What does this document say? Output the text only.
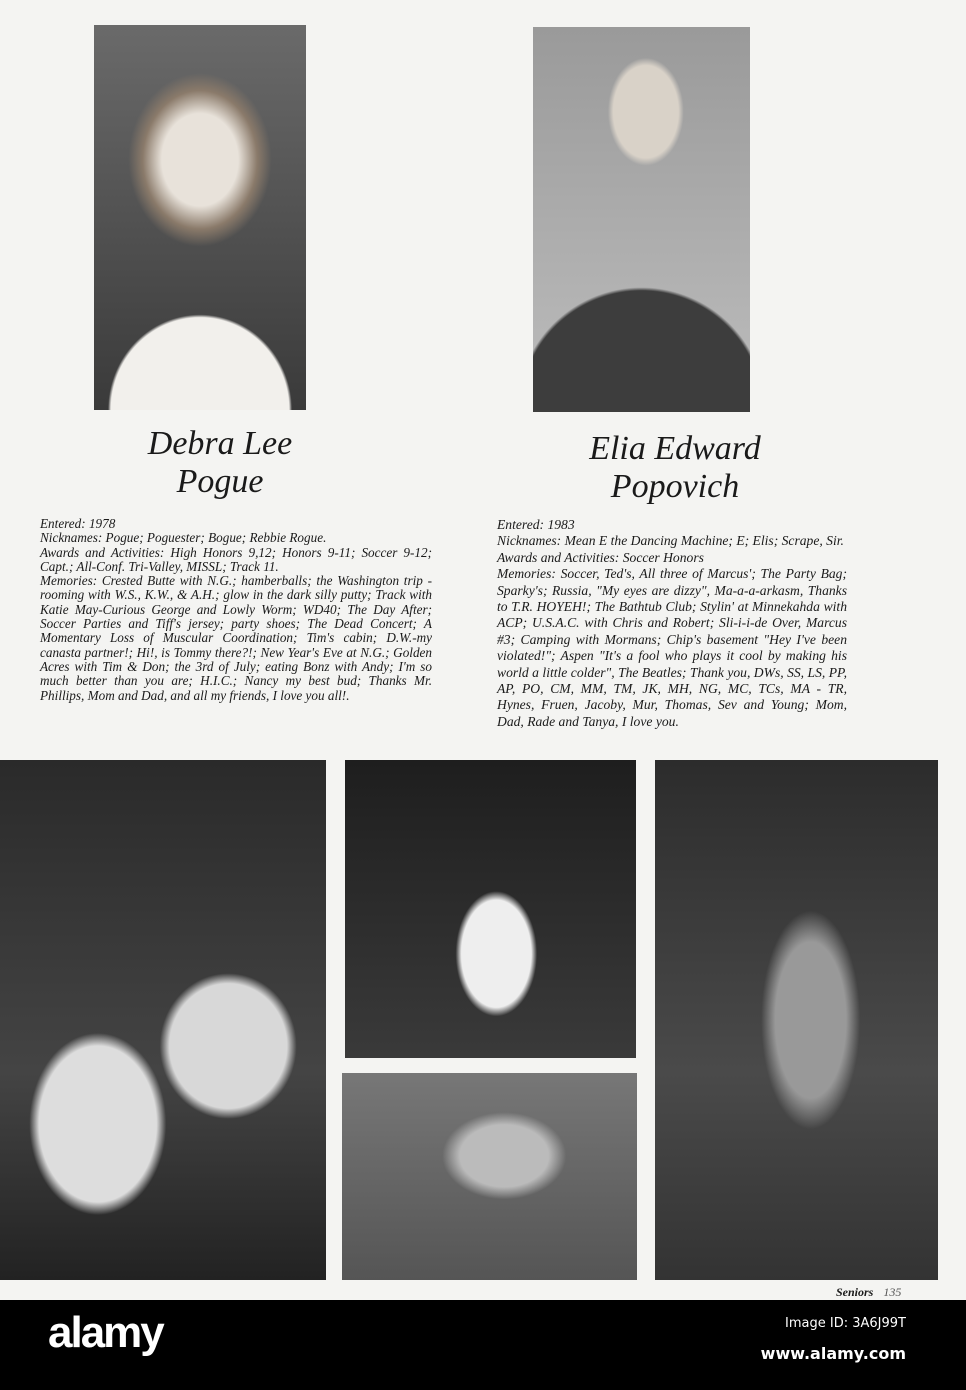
Debra Lee
Pogue
Elia Edward
Popovich

Entered: 1978

Nicknames: Pogue; Poguester; Bogue; Rebbie Rogue.

Awards and Activities: High Honors 9,12; Honors 9-11; Soccer 9-12; Capt.; All-Conf. Tri-Valley, MISSL; Track 11.

Memories: Crested Butte with N.G.; hamberballs; the Washington trip - rooming with W.S., K.W., & A.H.; glow in the dark silly putty; Track with Katie May-Curious George and Lowly Worm; WD40; The Day After; Soccer Parties and Tiff's jersey; party shoes; The Dead Concert; A Momentary Loss of Muscular Coordination; Tim's cabin; D.W.-my canasta partner!; Hi!, is Tommy there?!; New Year's Eve at N.G.; Golden Acres with Tim & Don; the 3rd of July; eating Bonz with Andy; I'm so much better than you are; H.I.C.; Nancy my best bud; Thanks Mr. Phillips, Mom and Dad, and all my friends, I love you all!.

Entered: 1983

Nicknames: Mean E the Dancing Machine; E; Elis; Scrape, Sir.

Awards and Activities: Soccer Honors

Memories: Soccer, Ted's, All three of Marcus'; The Party Bag; Sparky's; Russia, "My eyes are dizzy", Ma-a-a-arkasm, Thanks to T.R. HOYEH!; The Bathtub Club; Stylin' at Minnekahda with ACP; U.S.A.C. with Chris and Robert; Sli-i-i-de Over, Marcus #3; Camping with Mormans; Chip's basement "Hey I've been violated!"; Aspen "It's a fool who plays it cool by making his world a little colder", The Beatles; Thank you, DWs, SS, LS, PP, AP, PO, CM, MM, TM, JK, MH, NG, MC, TCs, MA - TR, Hynes, Fruen, Jacoby, Mur, Thomas, Sev and Young; Mom, Dad, Rade and Tanya, I love you.

Seniors 135
alamy	Image ID: 3A6J99T
www.alamy.com
